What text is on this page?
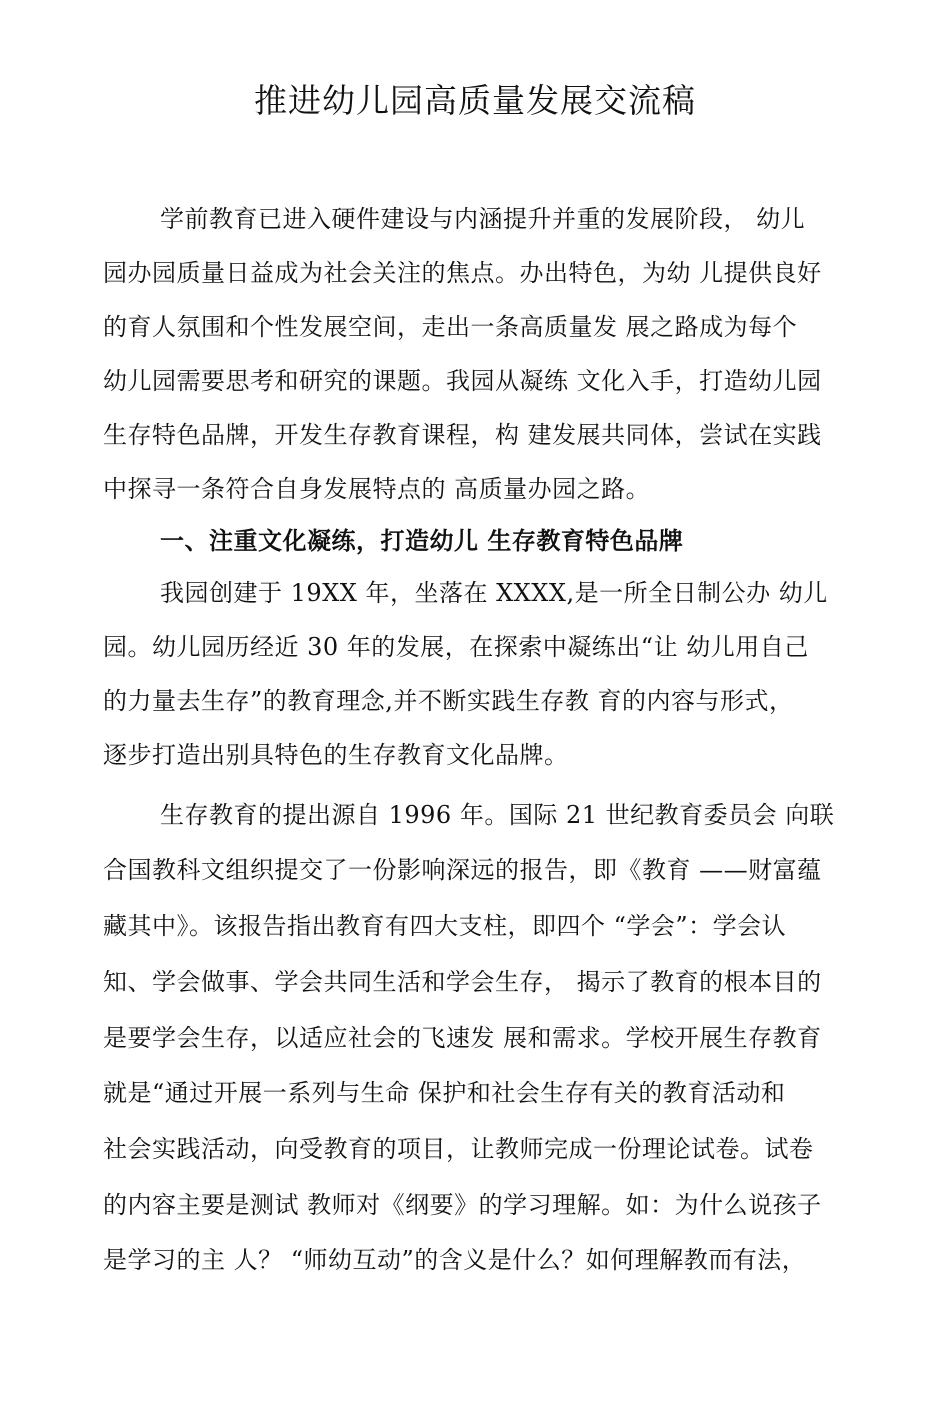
推进幼儿园高质量发展交流稿

学前教育已进入硬件建设与内涵提升并重的发展阶段， 幼儿

园办园质量日益成为社会关注的焦点。办出特色，为幼 儿提供良好

的育人氛围和个性发展空间，走出一条高质量发 展之路成为每个

幼儿园需要思考和研究的课题。我园从凝练 文化入手，打造幼儿园

生存特色品牌，开发生存教育课程，构 建发展共同体，尝试在实践

中探寻一条符合自身发展特点的 高质量办园之路。

一、注重文化凝练，打造幼儿 生存教育特色品牌

我园创建于 19XX 年，坐落在 XXXX,是一所全日制公办 幼儿

园。幼儿园历经近 30 年的发展，在探索中凝练出“让 幼儿用自己

的力量去生存”的教育理念,并不断实践生存教 育的内容与形式，

逐步打造出别具特色的生存教育文化品牌。

生存教育的提出源自 1996 年。国际 21 世纪教育委员会 向联

合国教科文组织提交了一份影响深远的报告，即《教育 ——财富蕴

藏其中》。该报告指出教育有四大支柱，即四个 “学会”：学会认

知、学会做事、学会共同生活和学会生存， 揭示了教育的根本目的

是要学会生存，以适应社会的飞速发 展和需求。学校开展生存教育

就是“通过开展一系列与生命 保护和社会生存有关的教育活动和

社会实践活动，向受教育的项目，让教师完成一份理论试卷。试卷

的内容主要是测试 教师对《纲要》的学习理解。如：为什么说孩子

是学习的主 人？ “师幼互动”的含义是什么？如何理解教而有法，
